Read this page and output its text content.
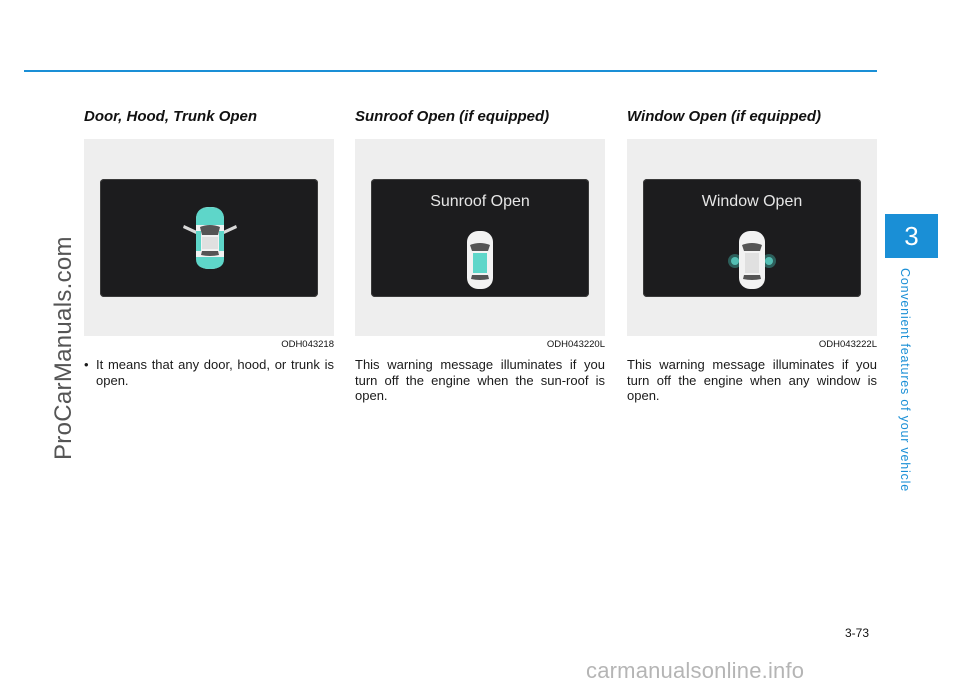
ProCarManuals.com
3
Convenient features of your vehicle
Door, Hood, Trunk Open
ODH043218
• It means that any door, hood, or trunk is open.
Sunroof Open (if equipped)
Sunroof Open
ODH043220L
This warning message illuminates if you turn off the engine when the sun-roof is open.
Window Open (if equipped)
Window Open
ODH043222L
This warning message illuminates if you turn off the engine when any window is open.
3-73
carmanualsonline.info
